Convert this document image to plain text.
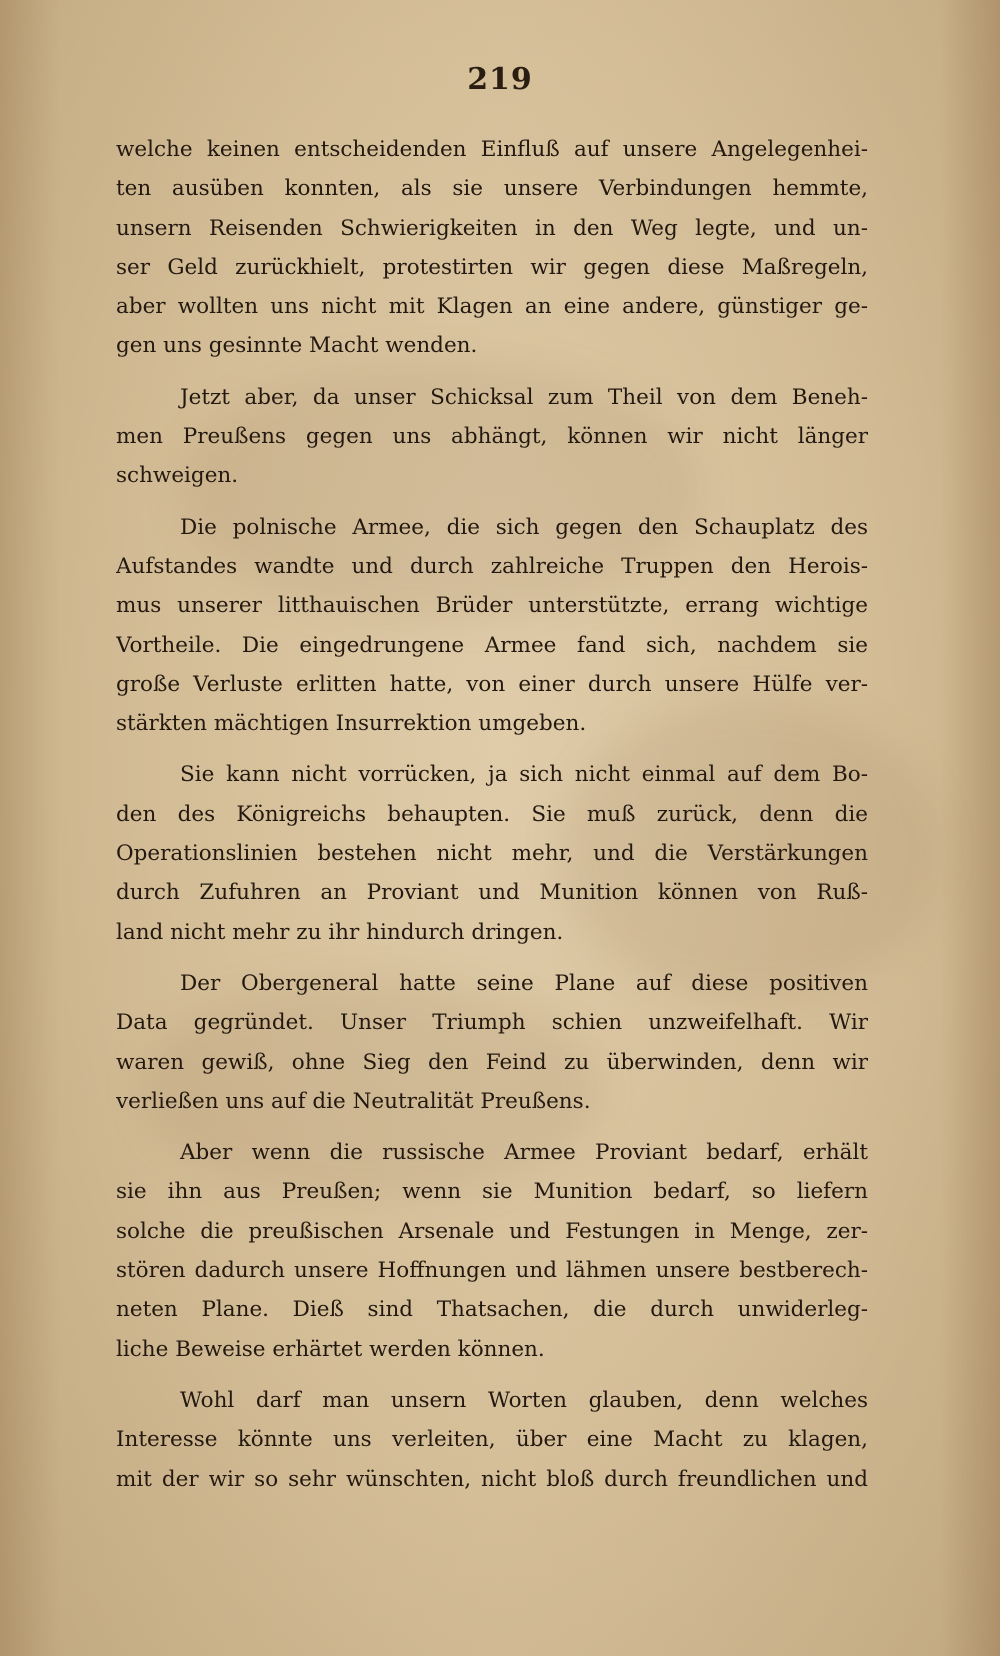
219
welche keinen entscheidenden Einfluß auf unsere Angelegenhei-
ten ausüben konnten, als sie unsere Verbindungen hemmte,
unsern Reisenden Schwierigkeiten in den Weg legte, und un-
ser Geld zurückhielt, protestirten wir gegen diese Maßregeln,
aber wollten uns nicht mit Klagen an eine andere, günstiger ge-
gen uns gesinnte Macht wenden.
Jetzt aber, da unser Schicksal zum Theil von dem Beneh-
men Preußens gegen uns abhängt, können wir nicht länger
schweigen.
Die polnische Armee, die sich gegen den Schauplatz des
Aufstandes wandte und durch zahlreiche Truppen den Herois-
mus unserer litthauischen Brüder unterstützte, errang wichtige
Vortheile. Die eingedrungene Armee fand sich, nachdem sie
große Verluste erlitten hatte, von einer durch unsere Hülfe ver-
stärkten mächtigen Insurrektion umgeben.
Sie kann nicht vorrücken, ja sich nicht einmal auf dem Bo-
den des Königreichs behaupten. Sie muß zurück, denn die
Operationslinien bestehen nicht mehr, und die Verstärkungen
durch Zufuhren an Proviant und Munition können von Ruß-
land nicht mehr zu ihr hindurch dringen.
Der Obergeneral hatte seine Plane auf diese positiven
Data gegründet. Unser Triumph schien unzweifelhaft. Wir
waren gewiß, ohne Sieg den Feind zu überwinden, denn wir
verließen uns auf die Neutralität Preußens.
Aber wenn die russische Armee Proviant bedarf, erhält
sie ihn aus Preußen; wenn sie Munition bedarf, so liefern
solche die preußischen Arsenale und Festungen in Menge, zer-
stören dadurch unsere Hoffnungen und lähmen unsere bestberech-
neten Plane. Dieß sind Thatsachen, die durch unwiderleg-
liche Beweise erhärtet werden können.
Wohl darf man unsern Worten glauben, denn welches
Interesse könnte uns verleiten, über eine Macht zu klagen,
mit der wir so sehr wünschten, nicht bloß durch freundlichen und
